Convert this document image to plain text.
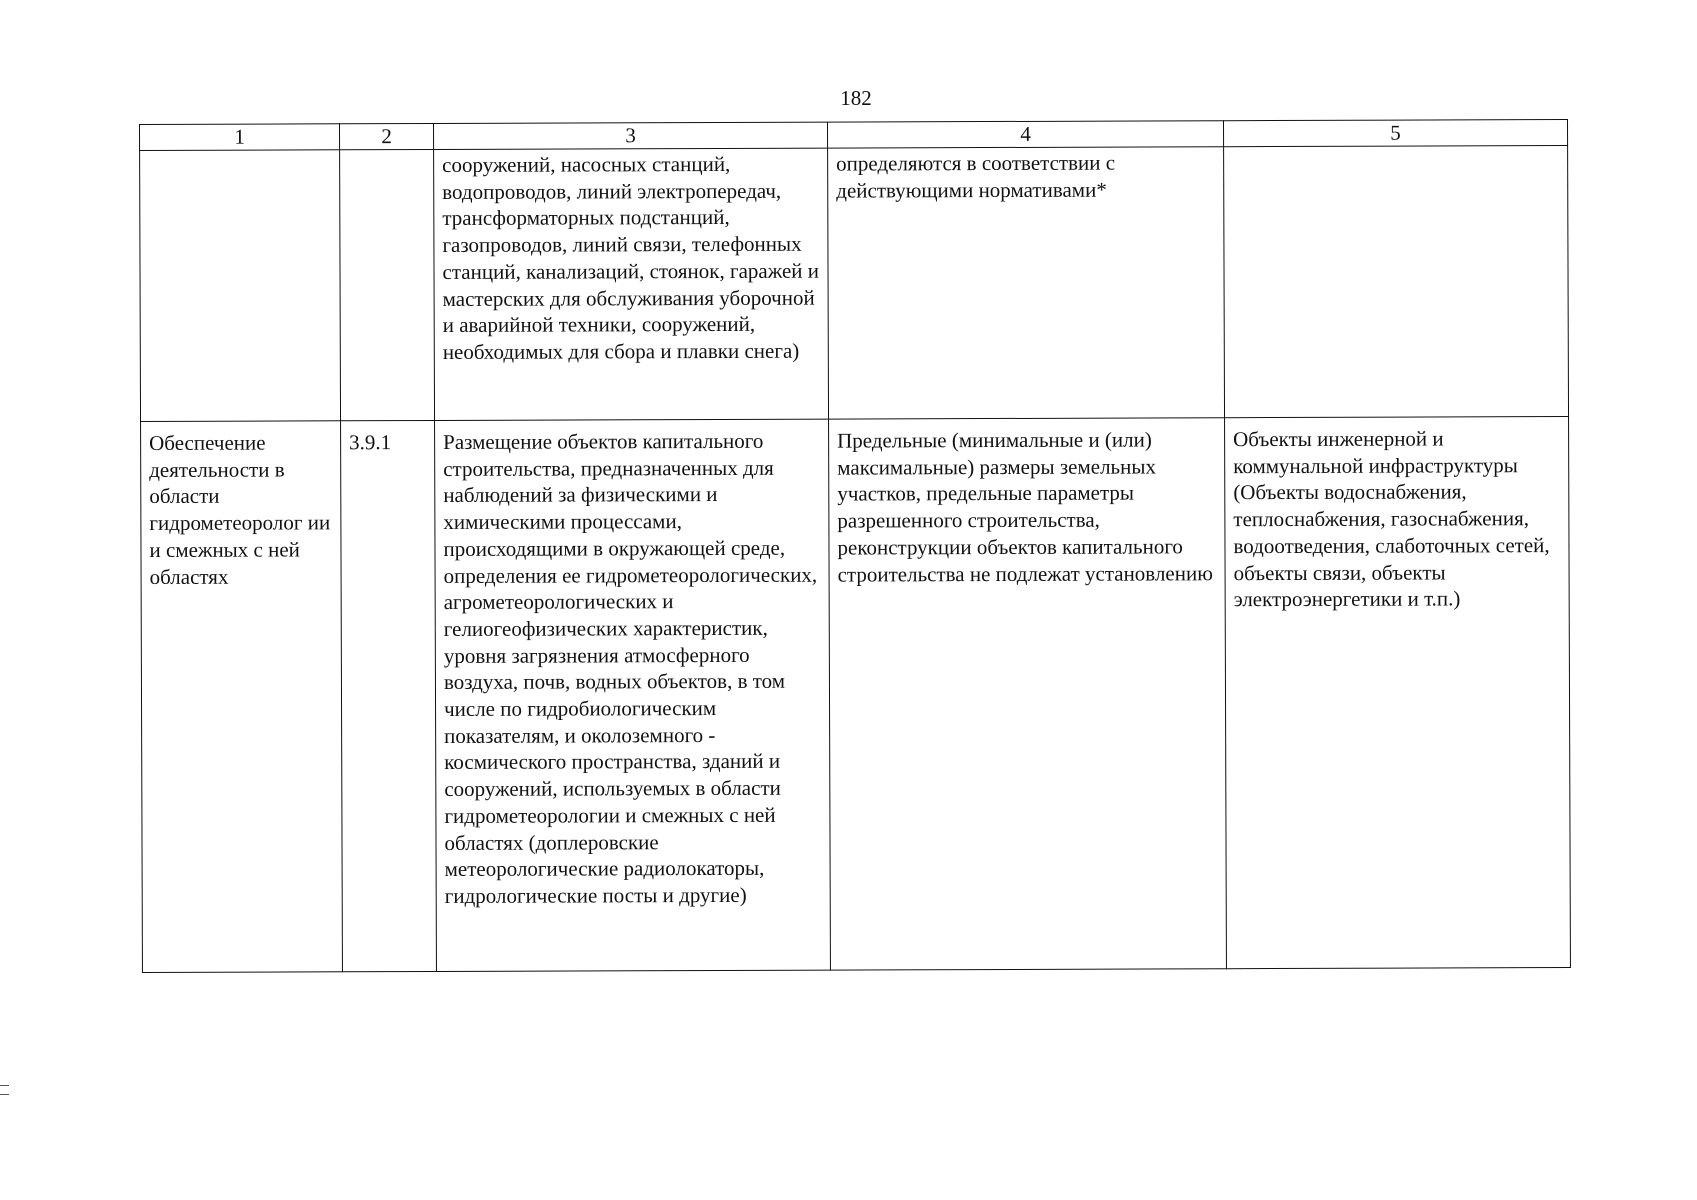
182
1	2	3	4	5

		сооружений, насосных станций, водопроводов, линий электропередач, трансформаторных подстанций, газопроводов, линий связи, телефонных станций, канализаций, стоянок, гаражей и мастерских для обслуживания уборочной и аварийной техники, сооружений, необходимых для сбора и плавки снега)	определяются в соответствии с действующими нормативами*	

Обеспечение деятельности в области гидрометеоролог ии и смежных с ней областях	3.9.1	Размещение объектов капитального строительства, предназначенных для наблюдений за физическими и химическими процессами, происходящими в окружающей среде, определения ее гидрометеорологических, агрометеорологических и гелиогеофизических характеристик, уровня загрязнения атмосферного воздуха, почв, водных объектов, в том числе по гидробиологическим показателям, и околоземного - космического пространства, зданий и сооружений, используемых в области гидрометеорологии и смежных с ней областях (доплеровские метеорологические радиолокаторы, гидрологические посты и другие)	Предельные (минимальные и (или) максимальные) размеры земельных участков, предельные параметры разрешенного строительства, реконструкции объектов капитального строительства не подлежат установлению	Объекты инженерной и коммунальной инфраструктуры (Объекты водоснабжения, теплоснабжения, газоснабжения, водоотведения, слаботочных сетей, объекты связи, объекты электроэнергетики и т.п.)
